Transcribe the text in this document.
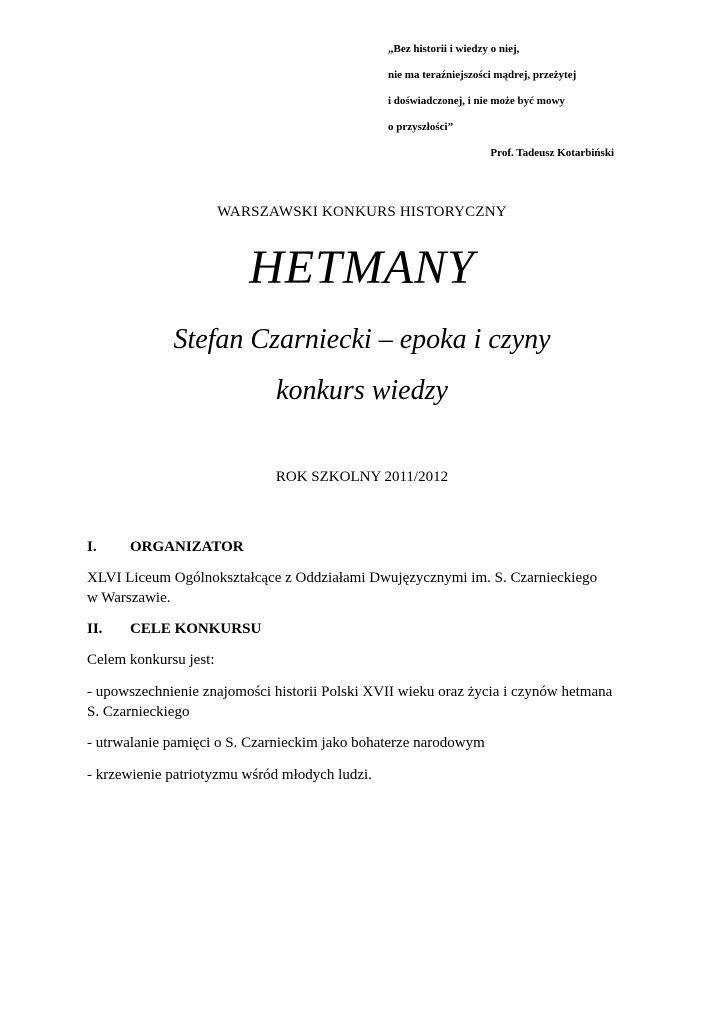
„Bez historii i wiedzy o niej,
nie ma teraźniejszości mądrej, przeżytej
i doświadczonej, i nie może być mowy
o przyszłości”
Prof. Tadeusz Kotarbiński
WARSZAWSKI KONKURS HISTORYCZNY
HETMANY
Stefan Czarniecki – epoka i czyny
konkurs wiedzy
ROK SZKOLNY 2011/2012
I. ORGANIZATOR
XLVI Liceum Ogólnokształcące z Oddziałami Dwujęzycznymi im. S. Czarnieckiego
w Warszawie.
II. CELE KONKURSU
Celem konkursu jest:
- upowszechnienie znajomości historii Polski XVII wieku oraz życia i czynów hetmana
S. Czarnieckiego
- utrwalanie pamięci o S. Czarnieckim jako bohaterze narodowym
- krzewienie patriotyzmu wśród młodych ludzi.
